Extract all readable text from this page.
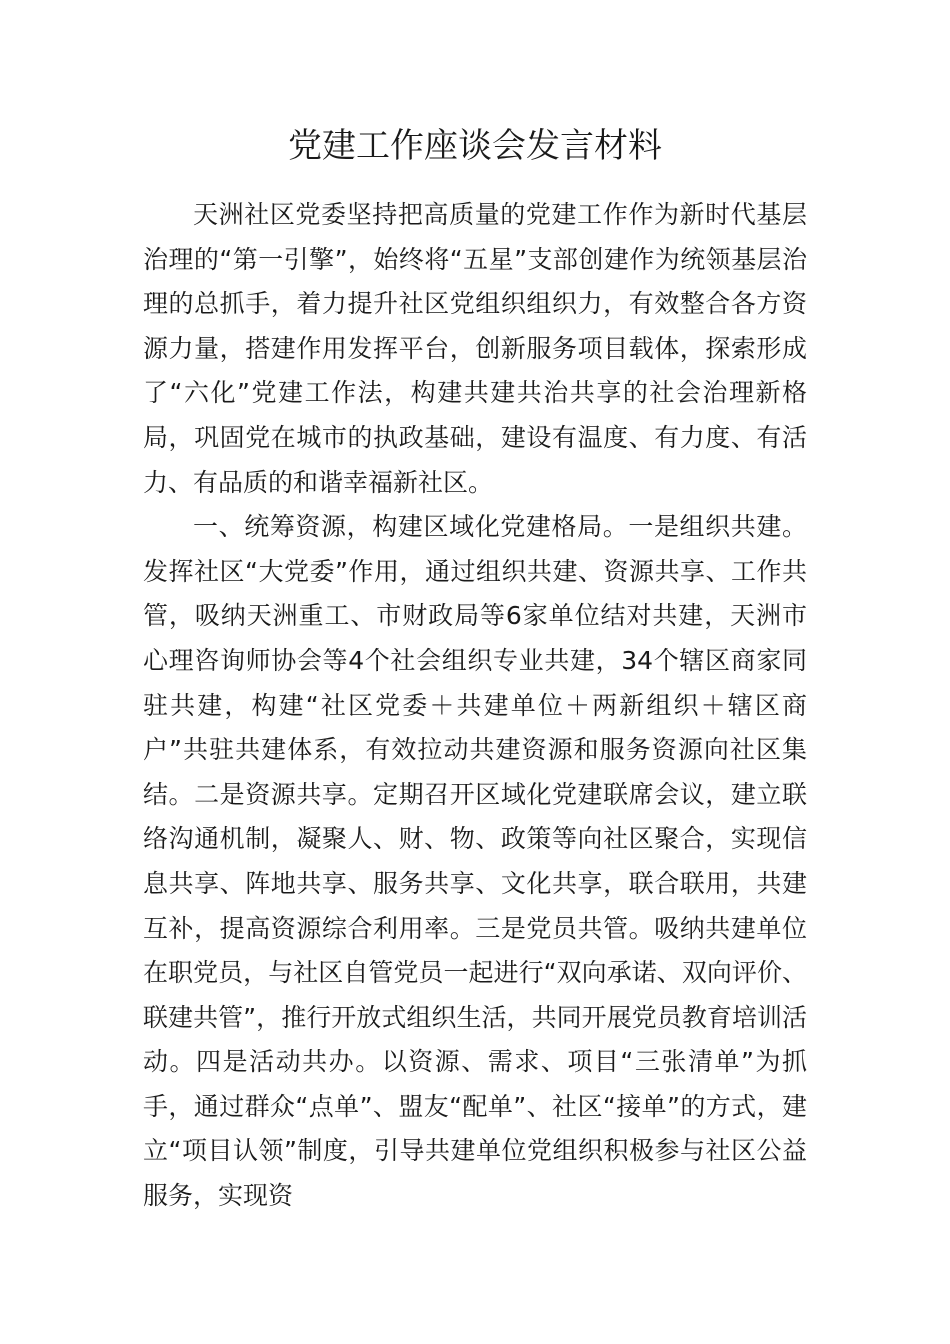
党建工作座谈会发言材料

天洲社区党委坚持把高质量的党建工作作为新时代基层治理的“第一引擎”，始终将“五星”支部创建作为统领基层治理的总抓手，着力提升社区党组织组织力，有效整合各方资源力量，搭建作用发挥平台，创新服务项目载体，探索形成了“六化”党建工作法，构建共建共治共享的社会治理新格局，巩固党在城市的执政基础，建设有温度、有力度、有活力、有品质的和谐幸福新社区。

一、统筹资源，构建区域化党建格局。一是组织共建。发挥社区“大党委”作用，通过组织共建、资源共享、工作共管，吸纳天洲重工、市财政局等6家单位结对共建，天洲市心理咨询师协会等4个社会组织专业共建，34个辖区商家同驻共建，构建“社区党委＋共建单位＋两新组织＋辖区商户”共驻共建体系，有效拉动共建资源和服务资源向社区集结。二是资源共享。定期召开区域化党建联席会议，建立联络沟通机制，凝聚人、财、物、政策等向社区聚合，实现信息共享、阵地共享、服务共享、文化共享，联合联用，共建互补，提高资源综合利用率。三是党员共管。吸纳共建单位在职党员，与社区自管党员一起进行“双向承诺、双向评价、联建共管”，推行开放式组织生活，共同开展党员教育培训活动。四是活动共办。以资源、需求、项目“三张清单”为抓手，通过群众“点单”、盟友“配单”、社区“接单”的方式，建立“项目认领”制度，引导共建单位党组织积极参与社区公益服务，实现资
